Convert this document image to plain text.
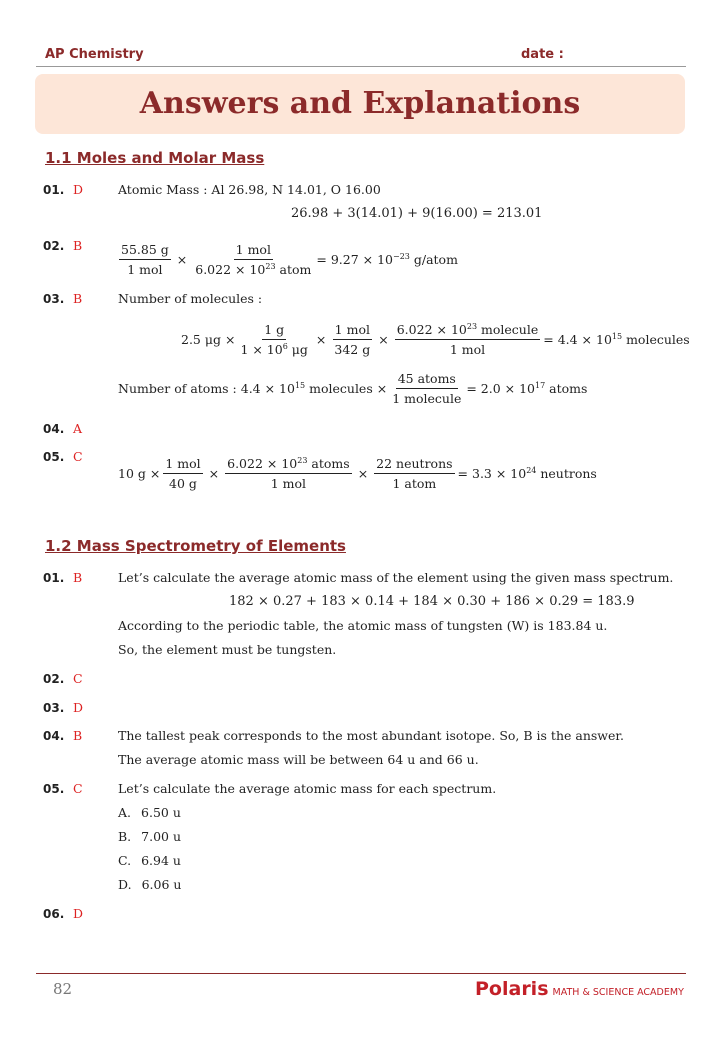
AP Chemistry	date :
Answers and Explanations
1.1 Moles and Molar Mass
01. D	Atomic Mass : Al 26.98, N 14.01, O 16.00
26.98 + 3(14.01) + 9(16.00) = 213.01
02. B	$\frac{55.85 g}{\text{1 mol}} \times \frac{\text{1 mol}}{6.022 \times 10^{23} atom} = 9.27 \times 10^{-23}$ g/atom
03. B	Number of molecules :
2.5 $\mu g \times \frac{1 g}{1 \times 10^6 \mu g} \times \frac{\text{1 mol}}{342 g} \times \frac{6.022 \times 10^{23} molecule}{\text{1 mol}} = 4.4 \times 10^{15}$ molecules
Number of atoms : $4.4 \times 10^{15}$ molecules × $\frac{\text{45 atoms}}{\text{1 molecule}} = 2.0 \times 10^{17}$ atoms
04. A
05. C
10 $g \times \frac{\text{1 mol}}{40 g} \times \frac{6.022 \times 10^{23} atoms}{\text{1 mol}} \times \frac{\text{22 neutrons}}{\text{1 atom}} = 3.3 \times 10^{24}$ neutrons
1.2 Mass Spectrometry of Elements
01. B	Let’s calculate the average atomic mass of the element using the given mass spectrum.
182 × 0.27 + 183 × 0.14 + 184 × 0.30 + 186 × 0.29 = 183.9
According to the periodic table, the atomic mass of tungsten (W) is 183.84 u.
So, the element must be tungsten.
02. C
03. D
04. B	The tallest peak corresponds to the most abundant isotope. So, B is the answer.
The average atomic mass will be between 64 u and 66 u.
05. C	Let’s calculate the average atomic mass for each spectrum.
A. 6.50 u
B. 7.00 u
C. 6.94 u
D. 6.06 u
06. D
82	Polaris MATH & SCIENCE ACADEMY
